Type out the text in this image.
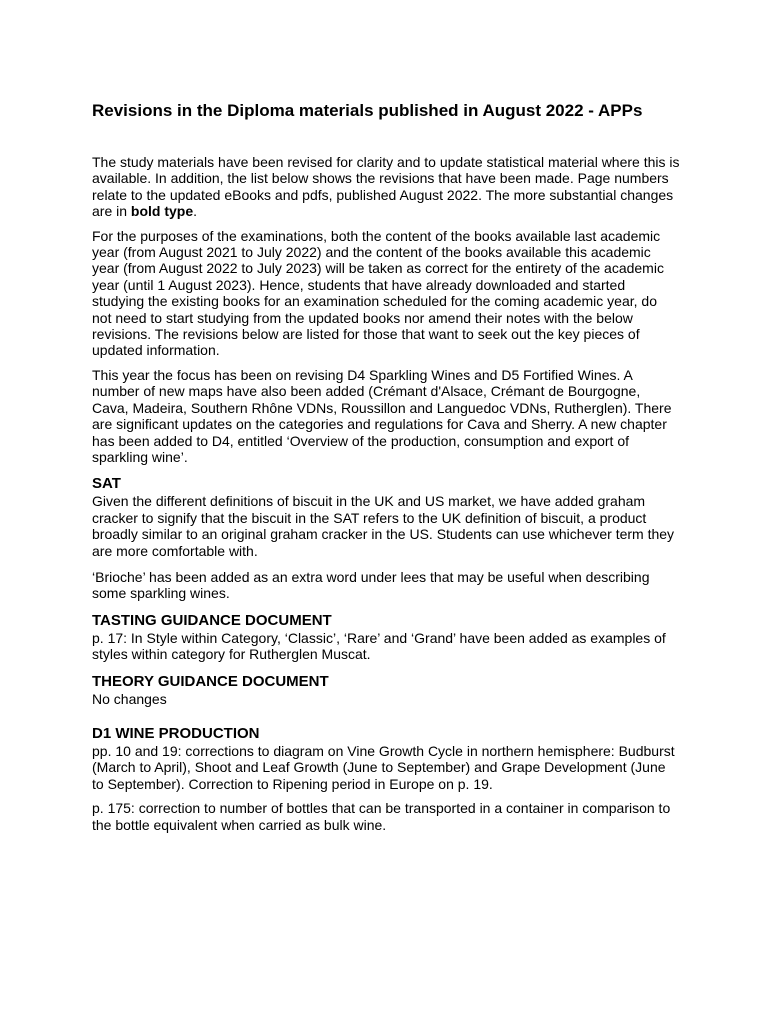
Revisions in the Diploma materials published in August 2022 - APPs

The study materials have been revised for clarity and to update statistical material where this is available. In addition, the list below shows the revisions that have been made. Page numbers relate to the updated eBooks and pdfs, published August 2022. The more substantial changes are in bold type.

For the purposes of the examinations, both the content of the books available last academic year (from August 2021 to July 2022) and the content of the books available this academic year (from August 2022 to July 2023) will be taken as correct for the entirety of the academic year (until 1 August 2023). Hence, students that have already downloaded and started studying the existing books for an examination scheduled for the coming academic year, do not need to start studying from the updated books nor amend their notes with the below revisions. The revisions below are listed for those that want to seek out the key pieces of updated information.

This year the focus has been on revising D4 Sparkling Wines and D5 Fortified Wines. A number of new maps have also been added (Crémant d'Alsace, Crémant de Bourgogne, Cava, Madeira, Southern Rhône VDNs, Roussillon and Languedoc VDNs, Rutherglen). There are significant updates on the categories and regulations for Cava and Sherry. A new chapter has been added to D4, entitled ‘Overview of the production, consumption and export of sparkling wine’.

SAT

Given the different definitions of biscuit in the UK and US market, we have added graham cracker to signify that the biscuit in the SAT refers to the UK definition of biscuit, a product broadly similar to an original graham cracker in the US. Students can use whichever term they are more comfortable with.

‘Brioche’ has been added as an extra word under lees that may be useful when describing some sparkling wines.

TASTING GUIDANCE DOCUMENT

p. 17: In Style within Category, ‘Classic’, ‘Rare’ and ‘Grand’ have been added as examples of styles within category for Rutherglen Muscat.

THEORY GUIDANCE DOCUMENT

No changes

D1 WINE PRODUCTION

pp. 10 and 19: corrections to diagram on Vine Growth Cycle in northern hemisphere: Budburst (March to April), Shoot and Leaf Growth (June to September) and Grape Development (June to September). Correction to Ripening period in Europe on p. 19.

p. 175: correction to number of bottles that can be transported in a container in comparison to the bottle equivalent when carried as bulk wine.
